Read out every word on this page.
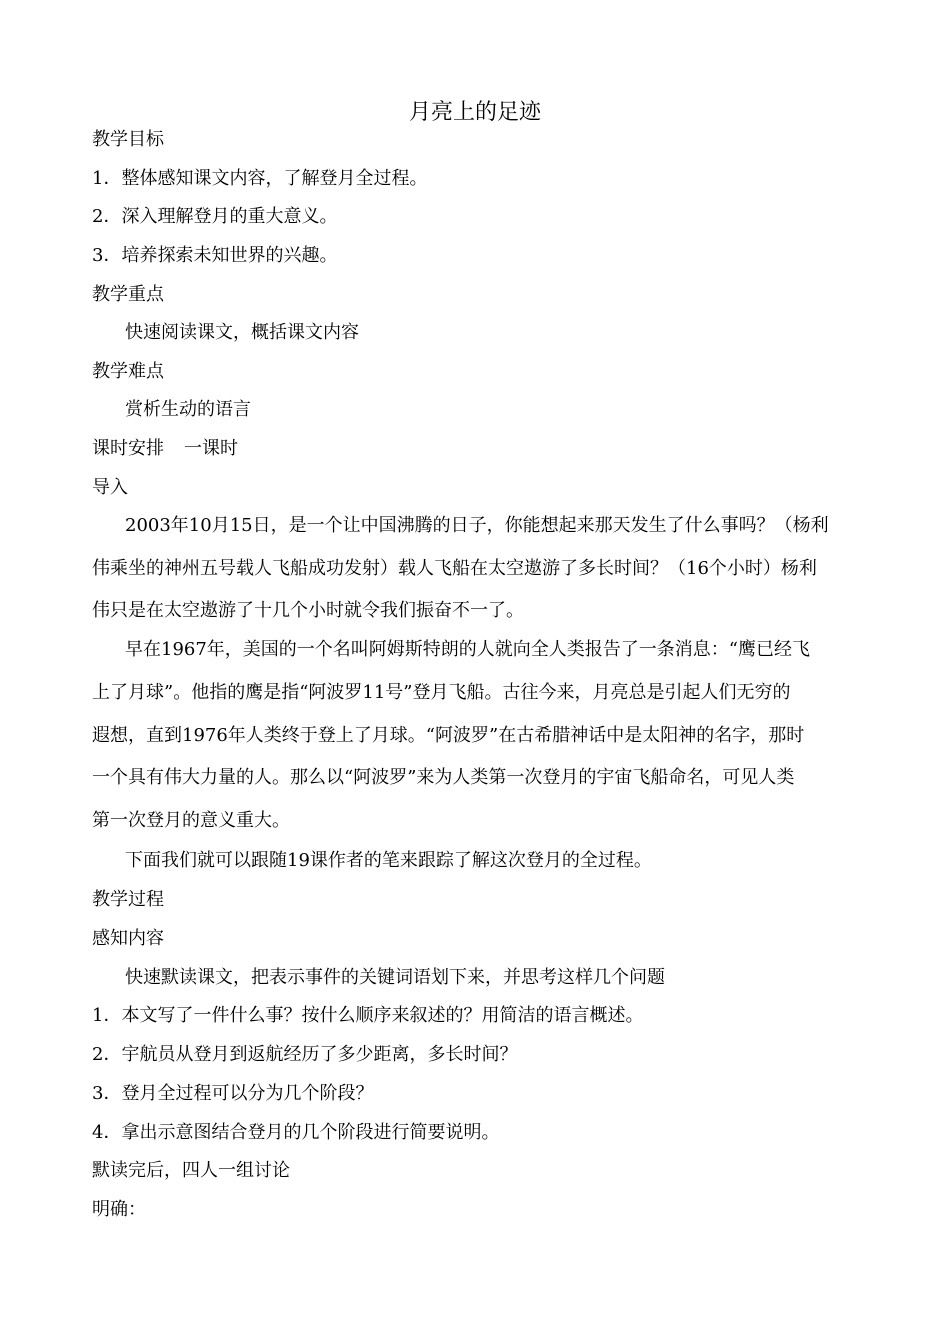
月亮上的足迹
教学目标
1．整体感知课文内容，了解登月全过程。
2．深入理解登月的重大意义。
3．培养探索未知世界的兴趣。
教学重点
快速阅读课文，概括课文内容
教学难点
赏析生动的语言
课时安排 一课时
导入
2003年10月15日，是一个让中国沸腾的日子，你能想起来那天发生了什么事吗？（杨利
伟乘坐的神州五号载人飞船成功发射）载人飞船在太空遨游了多长时间？（16个小时）杨利
伟只是在太空遨游了十几个小时就令我们振奋不一了。
早在1967年，美国的一个名叫阿姆斯特朗的人就向全人类报告了一条消息：“鹰已经飞
上了月球”。他指的鹰是指“阿波罗11号”登月飞船。古往今来，月亮总是引起人们无穷的
遐想，直到1976年人类终于登上了月球。“阿波罗”在古希腊神话中是太阳神的名字，那时
一个具有伟大力量的人。那么以“阿波罗”来为人类第一次登月的宇宙飞船命名，可见人类
第一次登月的意义重大。
下面我们就可以跟随19课作者的笔来跟踪了解这次登月的全过程。
教学过程
感知内容
快速默读课文，把表示事件的关键词语划下来，并思考这样几个问题
1．本文写了一件什么事？按什么顺序来叙述的？用简洁的语言概述。
2．宇航员从登月到返航经历了多少距离，多长时间？
3．登月全过程可以分为几个阶段？
4．拿出示意图结合登月的几个阶段进行简要说明。
默读完后，四人一组讨论
明确：
